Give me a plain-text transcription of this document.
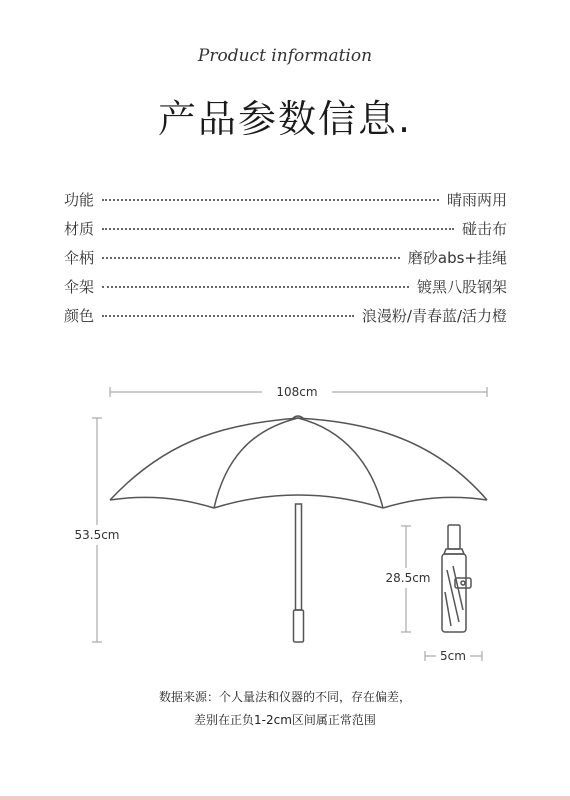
Product information
产品参数信息.
功能	晴雨两用
材质	碰击布
伞柄	磨砂abs+挂绳
伞架	镀黑八股钢架
颜色	浪漫粉/青春蓝/活力橙
108cm
53.5cm
28.5cm
5cm
数据来源：个人量法和仪器的不同，存在偏差，
差别在正负1-2cm区间属正常范围
